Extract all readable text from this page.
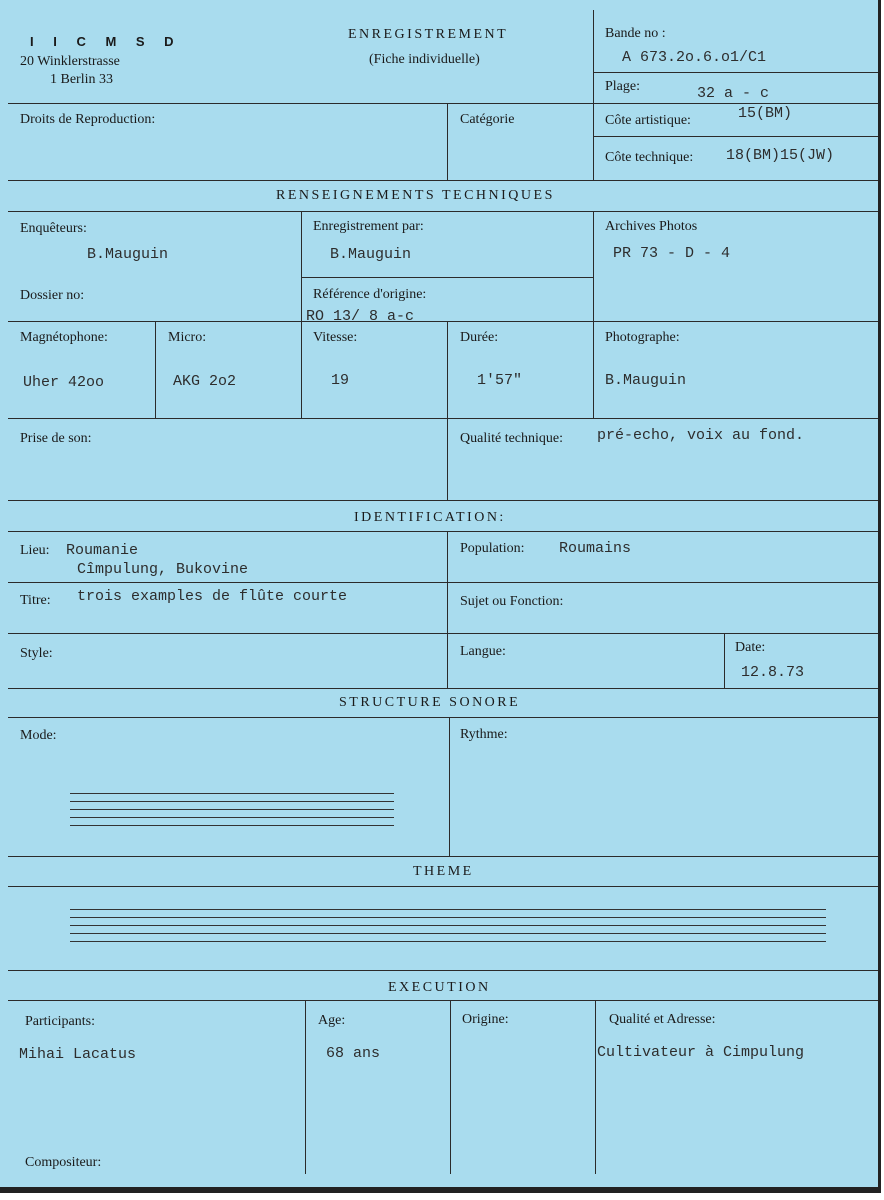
I I C M S D
20 Winklerstrasse
1 Berlin 33
ENREGISTREMENT
(Fiche individuelle)
Bande no :
A 673.2o.6.o1/C1
Plage:	32 a - c
Côte artistique:	15(BM)
Côte technique: 18(BM)15(JW)
Droits de Reproduction:	Catégorie
RENSEIGNEMENTS TECHNIQUES
Enquêteurs:
B.Mauguin
Enregistrement par:
B.Mauguin
Archives Photos
PR 73 - D - 4
Dossier no:	Référence d'origine:
RO 13/ 8 a-c
Magnétophone:
Uher 42oo
Micro:
AKG 2o2
Vitesse:
19
Durée:
1'57"
Photographe:
B.Mauguin
Prise de son:	Qualité technique: pré-echo, voix au fond.
IDENTIFICATION:
Lieu: Roumanie
Cîmpulung, Bukovine
Population: Roumains
Titre: trois examples de flûte courte	Sujet ou Fonction:
Style:	Langue:	Date:
12.8.73
STRUCTURE SONORE
Mode:	Rythme:
THEME
EXECUTION
Participants:
Mihai Lacatus
Age:
68 ans
Origine:	Qualité et Adresse:
Cultivateur à Cimpulung
Compositeur:
